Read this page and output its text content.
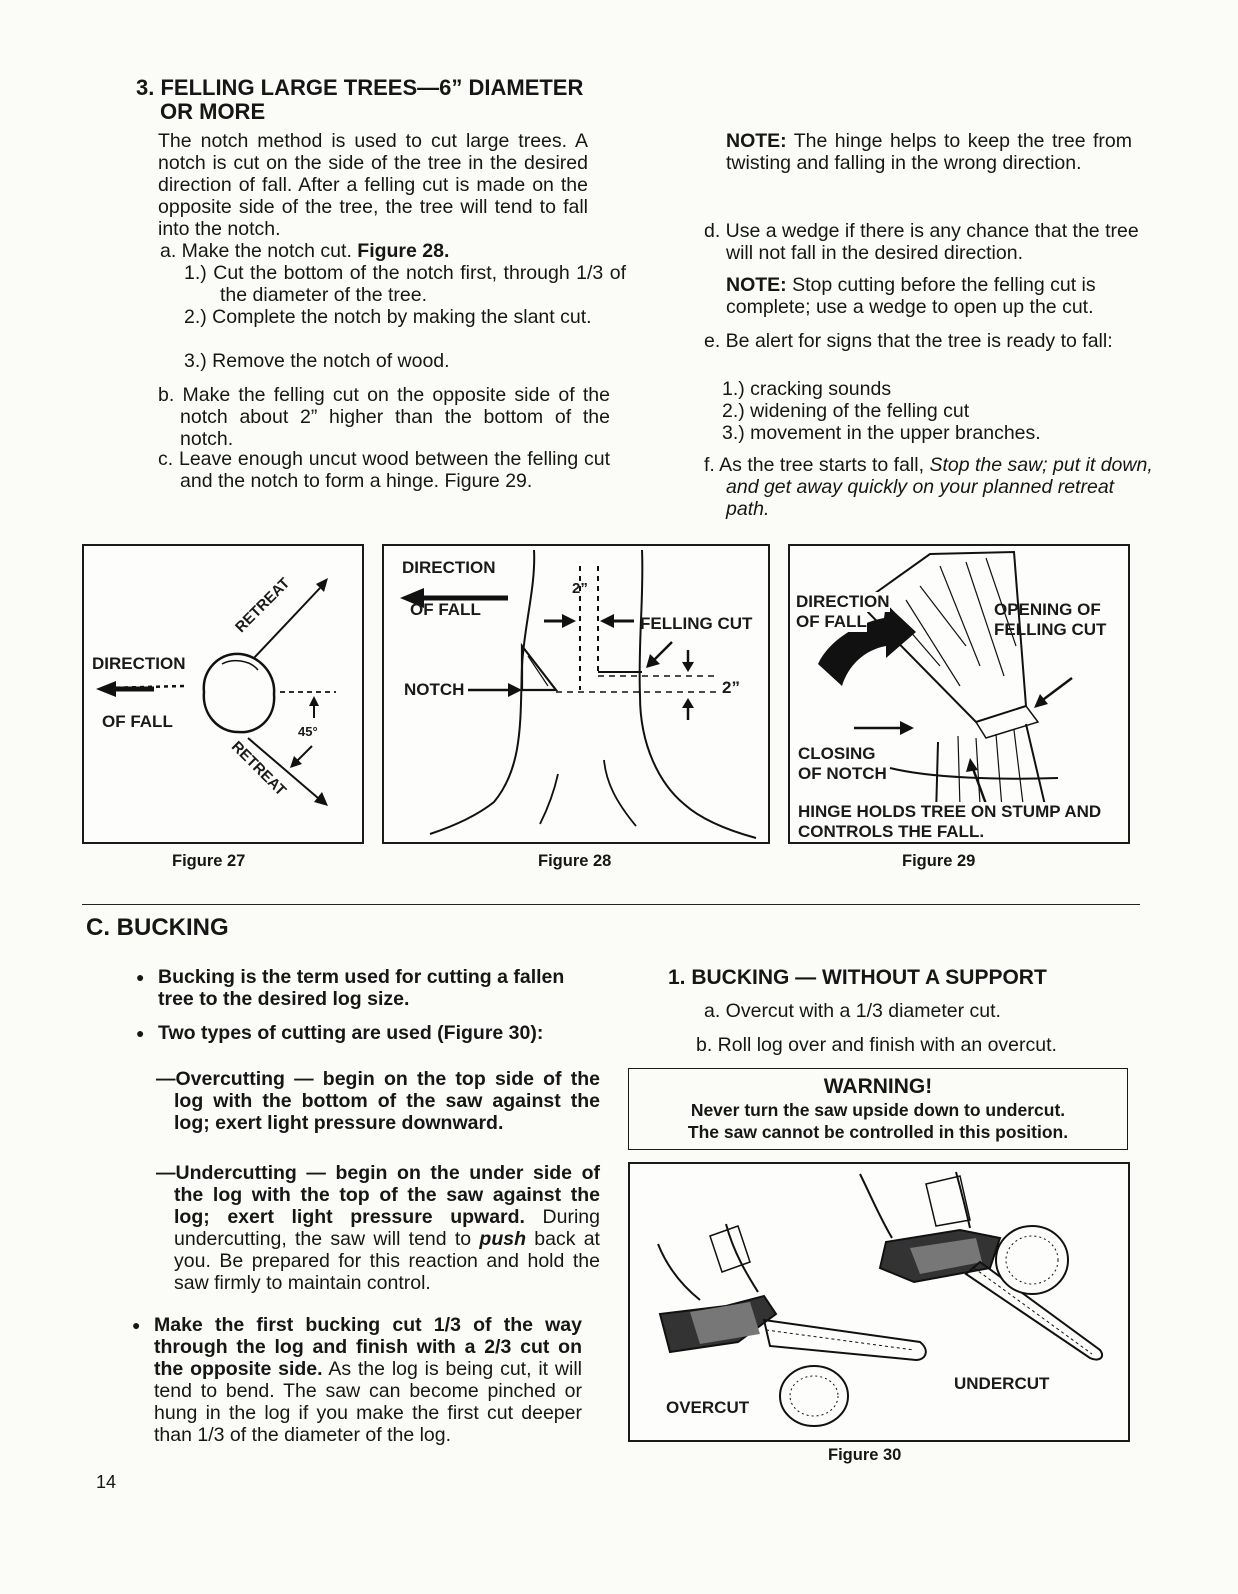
3. FELLING LARGE TREES—6” DIAMETER
OR MORE
The notch method is used to cut large trees. A notch is cut on the side of the tree in the desired direction of fall. After a felling cut is made on the opposite side of the tree, the tree will tend to fall into the notch.
a. Make the notch cut. Figure 28.
1.) Cut the bottom of the notch first, through 1/3 of the diameter of the tree.
2.) Complete the notch by making the slant cut.
3.) Remove the notch of wood.
b. Make the felling cut on the opposite side of the notch about 2” higher than the bottom of the notch.
c. Leave enough uncut wood between the felling cut and the notch to form a hinge. Figure 29.
NOTE: The hinge helps to keep the tree from twisting and falling in the wrong direction.
d. Use a wedge if there is any chance that the tree will not fall in the desired direction.
NOTE: Stop cutting before the felling cut is complete; use a wedge to open up the cut.
e. Be alert for signs that the tree is ready to fall:
1.) cracking sounds
2.) widening of the felling cut
3.) movement in the upper branches.
f. As the tree starts to fall, Stop the saw; put it down, and get away quickly on your planned retreat path.
DIRECTION
OF FALL
RETREAT
RETREAT
45°
Figure 27
DIRECTION
OF FALL
2”
FELLING CUT
NOTCH	2”
Figure 28
DIRECTION
OF FALL
OPENING OF
FELLING CUT
CLOSING
OF NOTCH
HINGE HOLDS TREE ON STUMP AND
CONTROLS THE FALL.
Figure 29
C. BUCKING
● Bucking is the term used for cutting a fallen tree to the desired log size.
● Two types of cutting are used (Figure 30):
—Overcutting — begin on the top side of the log with the bottom of the saw against the log; exert light pressure downward.
—Undercutting — begin on the under side of the log with the top of the saw against the log; exert light pressure upward. During undercutting, the saw will tend to push back at you. Be prepared for this reaction and hold the saw firmly to maintain control.
● Make the first bucking cut 1/3 of the way through the log and finish with a 2/3 cut on the opposite side. As the log is being cut, it will tend to bend. The saw can become pinched or hung in the log if you make the first cut deeper than 1/3 of the diameter of the log.
1. BUCKING — WITHOUT A SUPPORT
a. Overcut with a 1/3 diameter cut.
b. Roll log over and finish with an overcut.
WARNING!
Never turn the saw upside down to undercut.
The saw cannot be controlled in this position.
OVERCUT
UNDERCUT
Figure 30
14
